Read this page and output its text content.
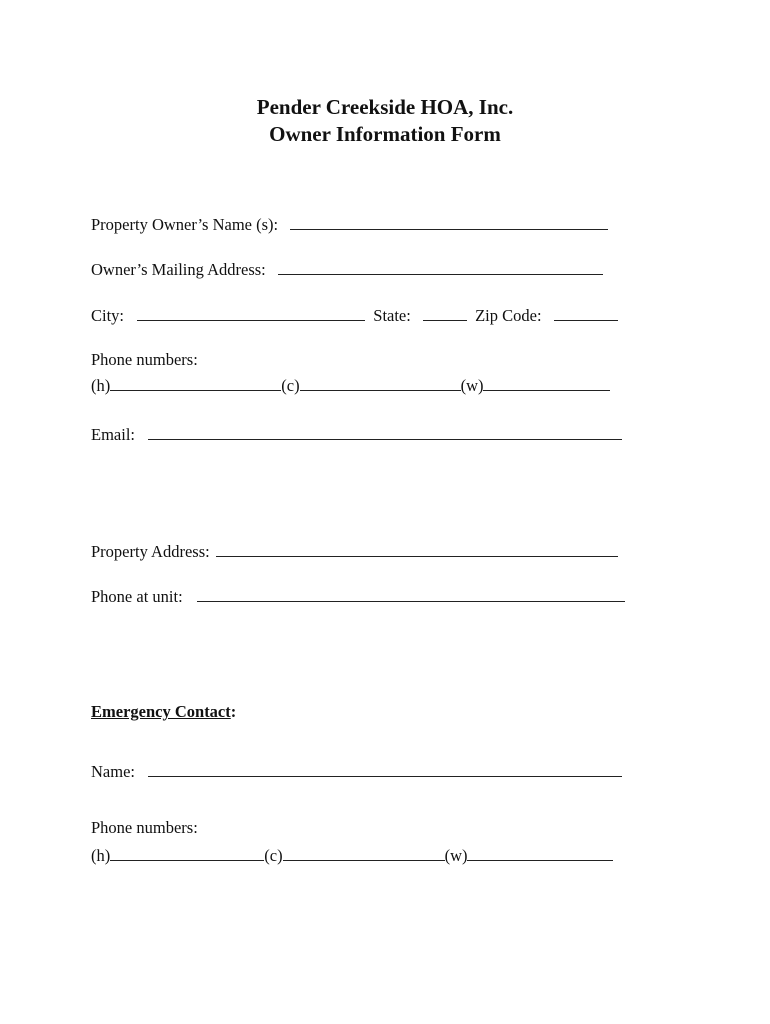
Pender Creekside HOA, Inc.
Owner Information Form
Property Owner’s Name (s):
Owner’s Mailing Address:
City:	State:	Zip Code:
Phone numbers:
(h)	(c)	(w)
Email:
Property Address:
Phone at unit:
Emergency Contact:
Name:
Phone numbers:
(h)	(c)	(w)
